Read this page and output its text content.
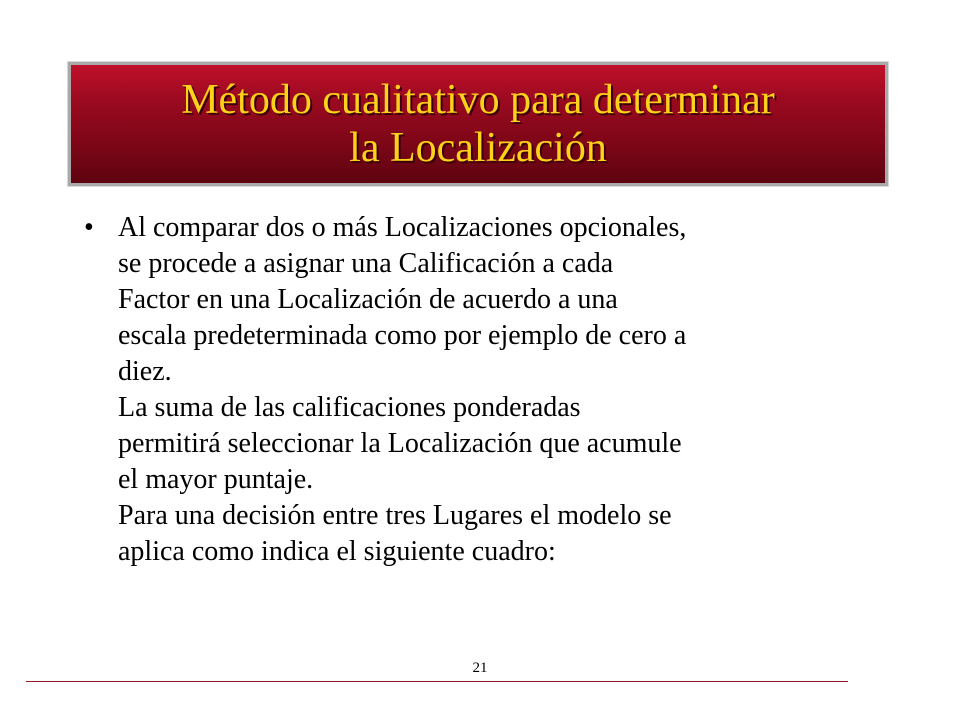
Método cualitativo para determinar
la Localización
• Al comparar dos o más Localizaciones opcionales,
se procede a asignar una Calificación a cada
Factor en una Localización de acuerdo a una
escala predeterminada como por ejemplo de cero a
diez.
La suma de las calificaciones ponderadas
permitirá seleccionar la Localización que acumule
el mayor puntaje.
Para una decisión entre tres Lugares el modelo se
aplica como indica el siguiente cuadro:
21
